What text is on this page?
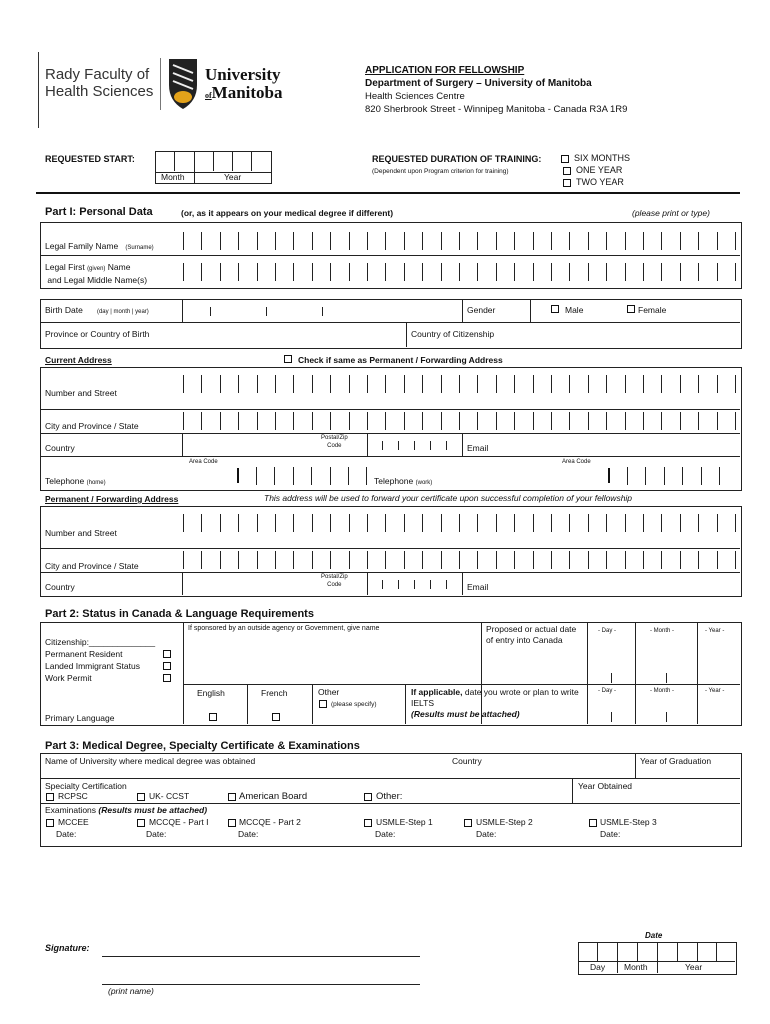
Rady Faculty of
Health Sciences
University
ofManitoba
APPLICATION FOR FELLOWSHIP
Department of Surgery – University of Manitoba
Health Sciences Centre
820 Sherbrook Street - Winnipeg Manitoba - Canada R3A 1R9
REQUESTED START:
Month	Year
REQUESTED DURATION OF TRAINING:
(Dependent upon Program criterion for training)
SIX MONTHS
ONE YEAR
TWO YEAR
Part I: Personal Data	(or, as it appears on your medical degree if different)	(please print or type)
Legal Family Name (Surname)
Legal First (given) Name
and Legal Middle Name(s)
Birth Date (day | month | year)	Gender	Male	Female
Province or Country of Birth	Country of Citizenship
Current Address	Check if same as Permanent / Forwarding Address
Number and Street
City and Province / State
Country
Postal/Zip
Code	Email
Area Code	Area Code
Telephone (home)	Telephone (work)
Permanent / Forwarding Address	This address will be used to forward your certificate upon successful completion of your fellowship
Number and Street
City and Province / State
Country
Postal/Zip
Code	Email
Part 2: Status in Canada & Language Requirements
If sponsored by an outside agency or Government, give name	Proposed or actual date of entry into Canada
- Day -	- Month -	- Year -
- Day -	- Month -	- Year -
Citizenship:______________
Permanent Resident
Landed Immigrant Status
Work Permit
Primary Language
English	French	Other
(please specify)
If applicable, date you wrote or plan to write IELTS
(Results must be attached)
Part 3: Medical Degree, Specialty Certificate & Examinations
Name of University where medical degree was obtained	Country	Year of Graduation
Specialty Certification	Year Obtained
RCPSC	UK- CCST	American Board	Other:
Examinations (Results must be attached)
MCCEE
Date:
MCCQE - Part I
Date:
MCCQE - Part 2
Date:
USMLE-Step 1
Date:
USMLE-Step 2
Date:
USMLE-Step 3
Date:
Signature:
(print name)
Date
Day Month	Year
